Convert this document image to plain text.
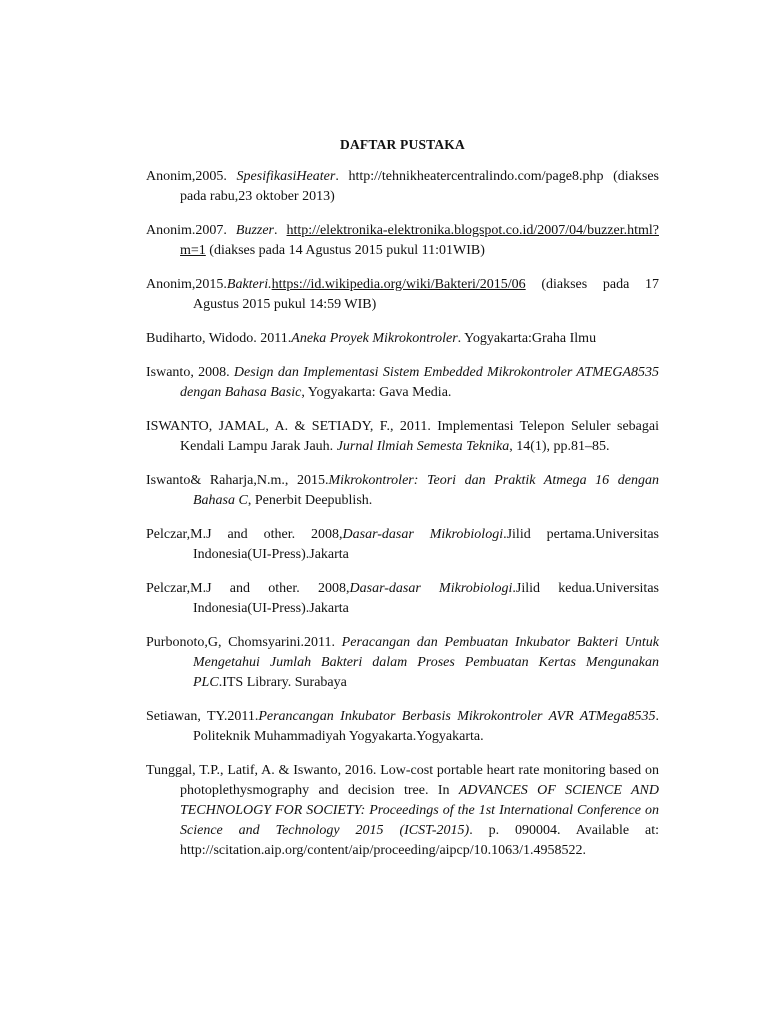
DAFTAR PUSTAKA
Anonim,2005. SpesifikasiHeater. http://tehnikheatercentralindo.com/page8.php (diakses pada rabu,23 oktober 2013)
Anonim.2007. Buzzer. http://elektronika-elektronika.blogspot.co.id/2007/04/buzzer.html?m=1 (diakses pada 14 Agustus 2015 pukul 11:01WIB)
Anonim,2015.Bakteri.https://id.wikipedia.org/wiki/Bakteri/2015/06 (diakses pada 17 Agustus 2015 pukul 14:59 WIB)
Budiharto, Widodo. 2011.Aneka Proyek Mikrokontroler. Yogyakarta:Graha Ilmu
Iswanto, 2008. Design dan Implementasi Sistem Embedded Mikrokontroler ATMEGA8535 dengan Bahasa Basic, Yogyakarta: Gava Media.
ISWANTO, JAMAL, A. & SETIADY, F., 2011. Implementasi Telepon Seluler sebagai Kendali Lampu Jarak Jauh. Jurnal Ilmiah Semesta Teknika, 14(1), pp.81–85.
Iswanto& Raharja,N.m., 2015.Mikrokontroler: Teori dan Praktik Atmega 16 dengan Bahasa C, Penerbit Deepublish.
Pelczar,M.J and other. 2008,Dasar-dasar Mikrobiologi.Jilid pertama.Universitas Indonesia(UI-Press).Jakarta
Pelczar,M.J and other. 2008,Dasar-dasar Mikrobiologi.Jilid kedua.Universitas Indonesia(UI-Press).Jakarta
Purbonoto,G, Chomsyarini.2011. Peracangan dan Pembuatan Inkubator Bakteri Untuk Mengetahui Jumlah Bakteri dalam Proses Pembuatan Kertas Mengunakan PLC.ITS Library. Surabaya
Setiawan, TY.2011.Perancangan Inkubator Berbasis Mikrokontroler AVR ATMega8535. Politeknik Muhammadiyah Yogyakarta.Yogyakarta.
Tunggal, T.P., Latif, A. & Iswanto, 2016. Low-cost portable heart rate monitoring based on photoplethysmography and decision tree. In ADVANCES OF SCIENCE AND TECHNOLOGY FOR SOCIETY: Proceedings of the 1st International Conference on Science and Technology 2015 (ICST-2015). p. 090004. Available at: http://scitation.aip.org/content/aip/proceeding/aipcp/10.1063/1.4958522.
